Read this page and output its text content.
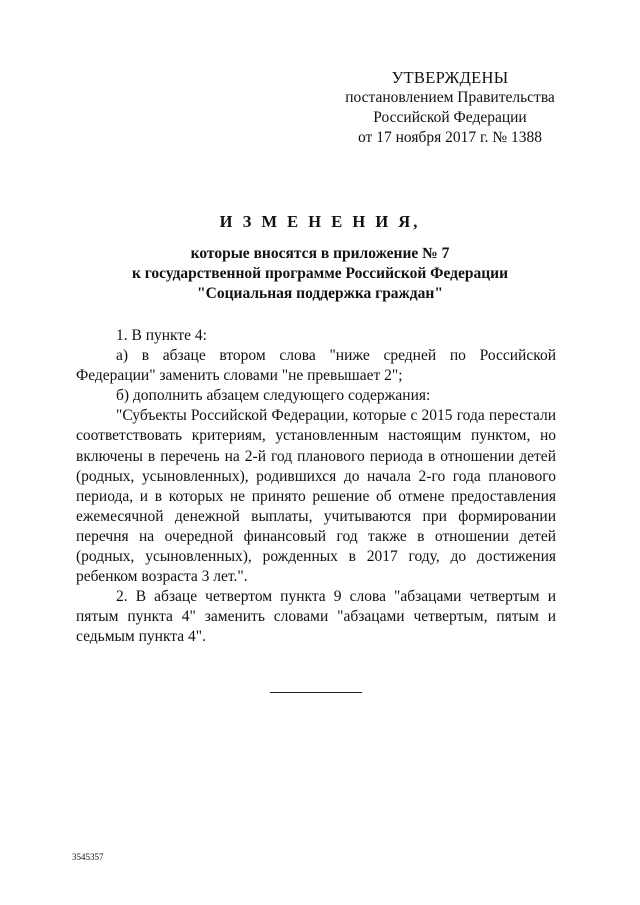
УТВЕРЖДЕНЫ
постановлением Правительства
Российской Федерации
от 17 ноября 2017 г. № 1388
И З М Е Н Е Н И Я,
которые вносятся в приложение № 7
к государственной программе Российской Федерации
"Социальная поддержка граждан"

1. В пункте 4:

а) в абзаце втором слова "ниже средней по Российской Федерации" заменить словами "не превышает 2";

б) дополнить абзацем следующего содержания:

"Субъекты Российской Федерации, которые с 2015 года перестали соответствовать критериям, установленным настоящим пунктом, но включены в перечень на 2-й год планового периода в отношении детей (родных, усыновленных), родившихся до начала 2-го года планового периода, и в которых не принято решение об отмене предоставления ежемесячной денежной выплаты, учитываются при формировании перечня на очередной финансовый год также в отношении детей (родных, усыновленных), рожденных в 2017 году, до достижения ребенком возраста 3 лет.".

2. В абзаце четвертом пункта 9 слова "абзацами четвертым и пятым пункта 4" заменить словами "абзацами четвертым, пятым и седьмым пункта 4".

3545357
